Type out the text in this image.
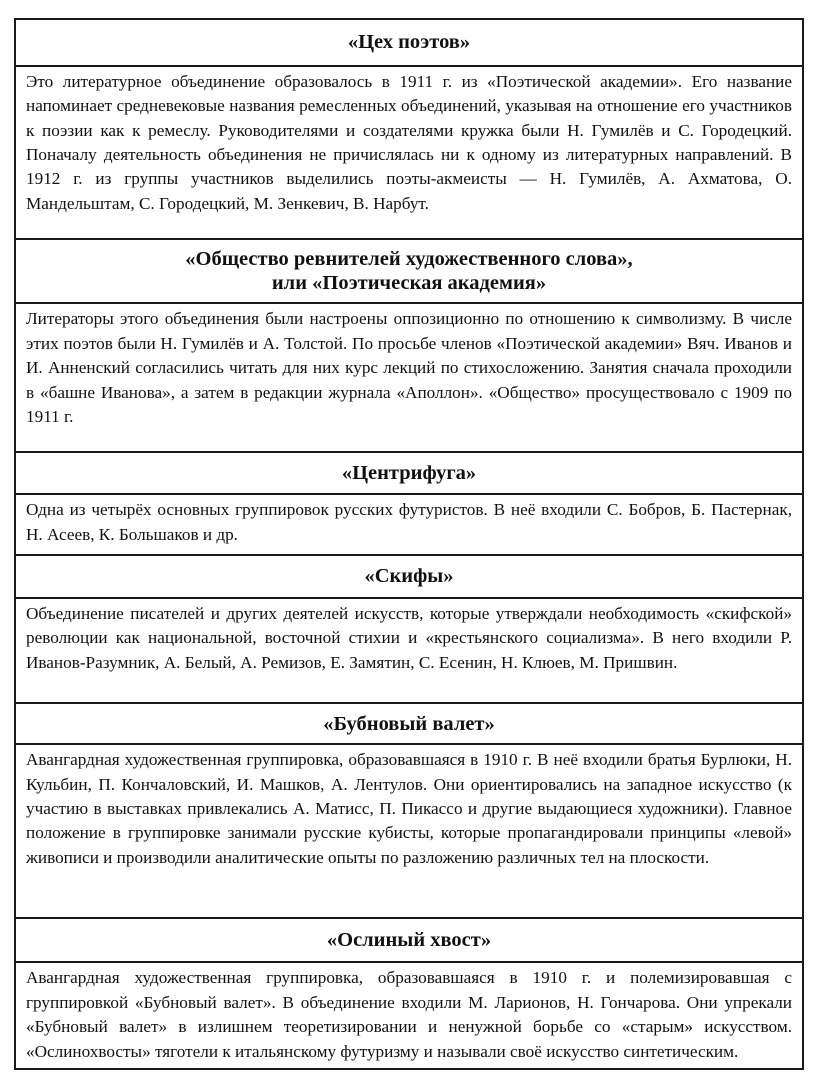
«Цех поэтов»

Это литературное объединение образовалось в 1911 г. из «Поэтической академии». Его название напоминает средневековые названия ремесленных объединений, указывая на отношение его участников к поэзии как к ремеслу. Руководителями и создателями кружка были Н. Гумилёв и С. Городецкий. Поначалу деятельность объединения не причислялась ни к одному из литературных направлений. В 1912 г. из группы участников выделились поэты-акмеисты — Н. Гумилёв, А. Ахматова, О. Мандельштам, С. Городецкий, М. Зенкевич, В. Нарбут.

«Общество ревнителей художественного слова»,
или «Поэтическая академия»

Литераторы этого объединения были настроены оппозиционно по отношению к символизму. В числе этих поэтов были Н. Гумилёв и А. Толстой. По просьбе членов «Поэтической академии» Вяч. Иванов и И. Анненский согласились читать для них курс лекций по стихосложению. Занятия сначала проходили в «башне Иванова», а затем в редакции журнала «Аполлон». «Общество» просуществовало с 1909 по 1911 г.

«Центрифуга»

Одна из четырёх основных группировок русских футуристов. В неё входили С. Бобров, Б. Пастернак, Н. Асеев, К. Большаков и др.

«Скифы»

Объединение писателей и других деятелей искусств, которые утверждали необходимость «скифской» революции как национальной, восточной стихии и «крестьянского социализма». В него входили Р. Иванов-Разумник, А. Белый, А. Ремизов, Е. Замятин, С. Есенин, Н. Клюев, М. Пришвин.

«Бубновый валет»

Авангардная художественная группировка, образовавшаяся в 1910 г. В неё входили братья Бурлюки, Н. Кульбин, П. Кончаловский, И. Машков, А. Лентулов. Они ориентировались на западное искусство (к участию в выставках привлекались А. Матисс, П. Пикассо и другие выдающиеся художники). Главное положение в группировке занимали русские кубисты, которые пропагандировали принципы «левой» живописи и производили аналитические опыты по разложению различных тел на плоскости.

«Ослиный хвост»

Авангардная художественная группировка, образовавшаяся в 1910 г. и полемизировавшая с группировкой «Бубновый валет». В объединение входили М. Ларионов, Н. Гончарова. Они упрекали «Бубновый валет» в излишнем теоретизировании и ненужной борьбе со «старым» искусством. «Ослинохвосты» тяготели к итальянскому футуризму и называли своё искусство синтетическим.
